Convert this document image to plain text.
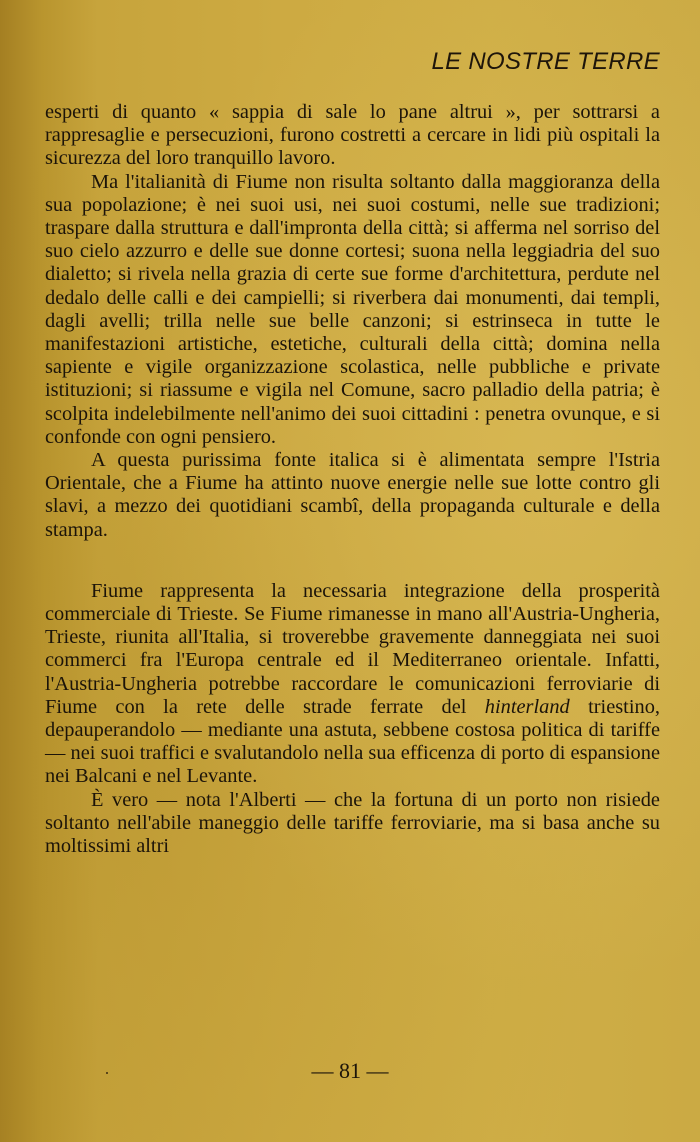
LE NOSTRE TERRE

esperti di quanto « sappia di sale lo pane altrui », per sottrarsi a rappresaglie e persecuzioni, furono costretti a cercare in lidi più ospitali la sicurezza del loro tranquillo lavoro.

Ma l'italianità di Fiume non risulta soltanto dalla maggioranza della sua popolazione; è nei suoi usi, nei suoi costumi, nelle sue tradizioni; traspare dalla struttura e dall'impronta della città; si afferma nel sorriso del suo cielo azzurro e delle sue donne cortesi; suona nella leggiadria del suo dialetto; si rivela nella grazia di certe sue forme d'architettura, perdute nel dedalo delle calli e dei campielli; si riverbera dai monumenti, dai templi, dagli avelli; trilla nelle sue belle canzoni; si estrinseca in tutte le manifestazioni artistiche, estetiche, culturali della città; domina nella sapiente e vigile organizzazione scolastica, nelle pubbliche e private istituzioni; si riassume e vigila nel Comune, sacro palladio della patria; è scolpita indelebilmente nell'animo dei suoi cittadini : penetra ovunque, e si confonde con ogni pensiero.

A questa purissima fonte italica si è alimentata sempre l'Istria Orientale, che a Fiume ha attinto nuove energie nelle sue lotte contro gli slavi, a mezzo dei quotidiani scambî, della propaganda culturale e della stampa.

Fiume rappresenta la necessaria integrazione della prosperità commerciale di Trieste. Se Fiume rimanesse in mano all'Austria-Ungheria, Trieste, riunita all'Italia, si troverebbe gravemente danneggiata nei suoi commerci fra l'Europa centrale ed il Mediterraneo orientale. Infatti, l'Austria-Ungheria potrebbe raccordare le comunicazioni ferroviarie di Fiume con la rete delle strade ferrate del hinterland triestino, depauperandolo — mediante una astuta, sebbene costosa politica di tariffe — nei suoi traffici e svalutandolo nella sua efficenza di porto di espansione nei Balcani e nel Levante.

È vero — nota l'Alberti — che la fortuna di un porto non risiede soltanto nell'abile maneggio delle tariffe ferroviarie, ma si basa anche su moltissimi altri

— 81 —
